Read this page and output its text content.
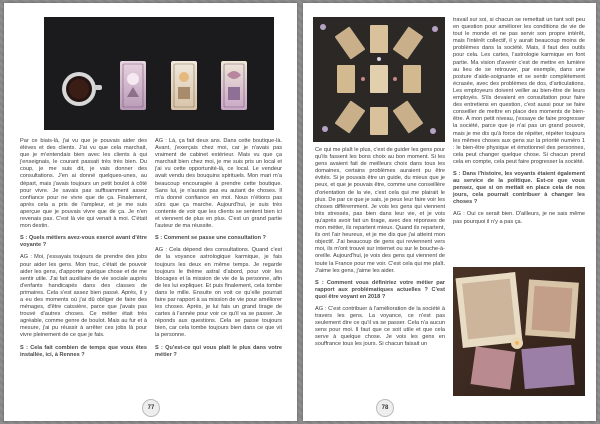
Par ce biais-là, j'ai vu que je pouvais aider des élèves et des clients. J'ai vu que cela marchait, que je m'entendais bien avec les clients à qui j'enseignais, le courant passait très très bien. Du coup, je me suis dit, je vais donner des consultations. J'en ai donné quelques-unes, au départ, mais j'avais toujours un petit boulot à côté pour vivre. Je savais pas suffisamment assez confiance pour ne vivre que de ça. Finalement, après cela a pris de l'ampleur, et je me suis aperçue que je pouvais vivre que de ça. Je n'en revenais pas. C'est là vie qui venait à moi. C'était mon destin.

S : Quels métiers avez-vous exercé avant d'être voyante ?

AG : Moi, j'essayais toujours de prendre des jobs pour aider les gens. Mon truc, c'était de pouvoir aider les gens, d'apporter quelque chose et de me sentir utile. J'ai fait auxiliaire de vie sociale auprès d'enfants handicapés dans des classes de primaires. Cela s'est assez bien passé. Après, il y a eu des moments où j'ai dû obliger de faire des ménages, d'être caissière, parce que j'avais pas trouvé d'autres choses. Ce métier était très agréable, comme genre de boulot. Mais au fur et à mesure, j'ai pu réussir à arrêter ces jobs là pour vivre pleinement de ce que je fais.

S : Cela fait combien de temps que vous êtes installée, ici, à Rennes ?

AG : Là, ça fait deux ans. Dans cette boutique-là. Avant, j'exerçais chez moi, car je n'avais pas vraiment de cabinet extérieur. Mais vu que ça marchait bien chez moi, je me suis pris un local et j'ai vu cette opportunité-là, ce local. Le vendeur avait vendu des bouquins spirituels. Mon mari m'a beaucoup encouragée à prendre cette boutique. Sans lui, je n'aurais pas eu autant de choses. Il m'a donné confiance en moi. Nous n'étions pas sûrs que ça marche. Aujourd'hui, je suis très contente de voir que les clients se sentent bien ici et viennent de plus en plus. C'est un grand partie l'auteur de ma réussite.

S : Comment se passe une consultation ?

AG : Cela dépend des consultations. Quand c'est de la voyance astrologique karmique, je fais toujours les deux en même temps. Je regarde toujours le thème astral d'abord, pour voir les blocages et la mission de vie de la personne, afin de les lui expliquer. Et puis finalement, cela tombe dans le mille. Ensuite on voit ce qu'elle pourrait faire par rapport à sa mission de vie pour améliorer les choses. Après, je lui fais un grand tirage de cartes à l'année pour voir ce qu'il va se passer. Je réponds aux questions. Cela se passe toujours bien, car cela tombe toujours bien dans ce que vit la personne.

S : Qu'est-ce qui vous plaît le plus dans votre métier ?

77

Ce qui me plaît le plus, c'est de guider les gens pour qu'ils fassent les bons choix au bon moment. Si les gens avaient fait de meilleurs choix dans tous les domaines, certains problèmes auraient pu être évités. Si je pouvais être un guide, du mieux que je peux, et que je pouvais être, comme une conseillère d'orientation de la vie, c'est cela qui me plairait le plus. De par ce que je sais, je peux leur faire voir les choses différemment. Je vois les gens qui viennent très stressés, pas bien dans leur vie, et je vois qu'après avoir fait un tirage, avec des réponses de mon métier, ils repartent mieux. Quand ils repartent, ils ont l'air heureux, et je me dis que j'ai atteint mon objectif. J'ai beaucoup de gens qui reviennent vers moi, ils m'ont trouvé sur internet ou sur le bouche-à-oreille. Aujourd'hui, je vois des gens qui viennent de toute la France pour me voir. C'est cela qui me plaît. J'aime les gens, j'aime les aider.

S : Comment vous définiriez votre métier par rapport aux problématiques actuelles ? C'est quoi être voyant en 2018 ?

AG : C'est contribuer à l'amélioration de la société à travers les gens. La voyance, ce n'est pas seulement dire ce qu'il va se passer. Cela n'a aucun sens pour moi. Il faut que ce soit utile et que cela serve à quelque chose. Je vois les gens en souffrance tous les jours. Si chacun faisait un

travail sur soi, si chacun se remettait un tant soit peu en question pour améliorer les conditions de vie de tout le monde et ne pas servir son propre intérêt, mais l'intérêt collectif, il y aurait beaucoup moins de problèmes dans la société. Mais, il faut des outils pour cela. Les cartes, l'astrologie karmique en font partie. Ma vision d'avenir c'est de mettre en lumière au lieu de se retrouver, par exemple, dans une posture d'aide-soignante et se sentir complètement écrasée, avec des problèmes de dos, d'articulations. Les employeurs doivent veiller au bien-être de leurs employés. S'ils devaient en consultation pour faire des entretiens en question, c'est aussi pour se faire conseiller de mettre en place des moments de bien-être. À mon petit niveau, j'essaye de faire progresser la société, parce que je n'ai pas un grand pouvoir, mais je me dis qu'à force de répéter, répéter toujours les mêmes choses aux gens sur la priorité numéro 1 : le bien-être physique et émotionnel des personnes, cela peut changer quelque chose. Si chacun prend cela en compte, cela peut faire progresser la société.

S : Dans l'histoire, les voyants étaient également au service de la politique. Est-ce que vous pensez, que si on mettait en place cela de nos jours, cela pourrait contribuer à changer les choses ?

AG : Oui ce serait bien. D'ailleurs, je ne sais même pas pourquoi il n'y a pas ça.

78
